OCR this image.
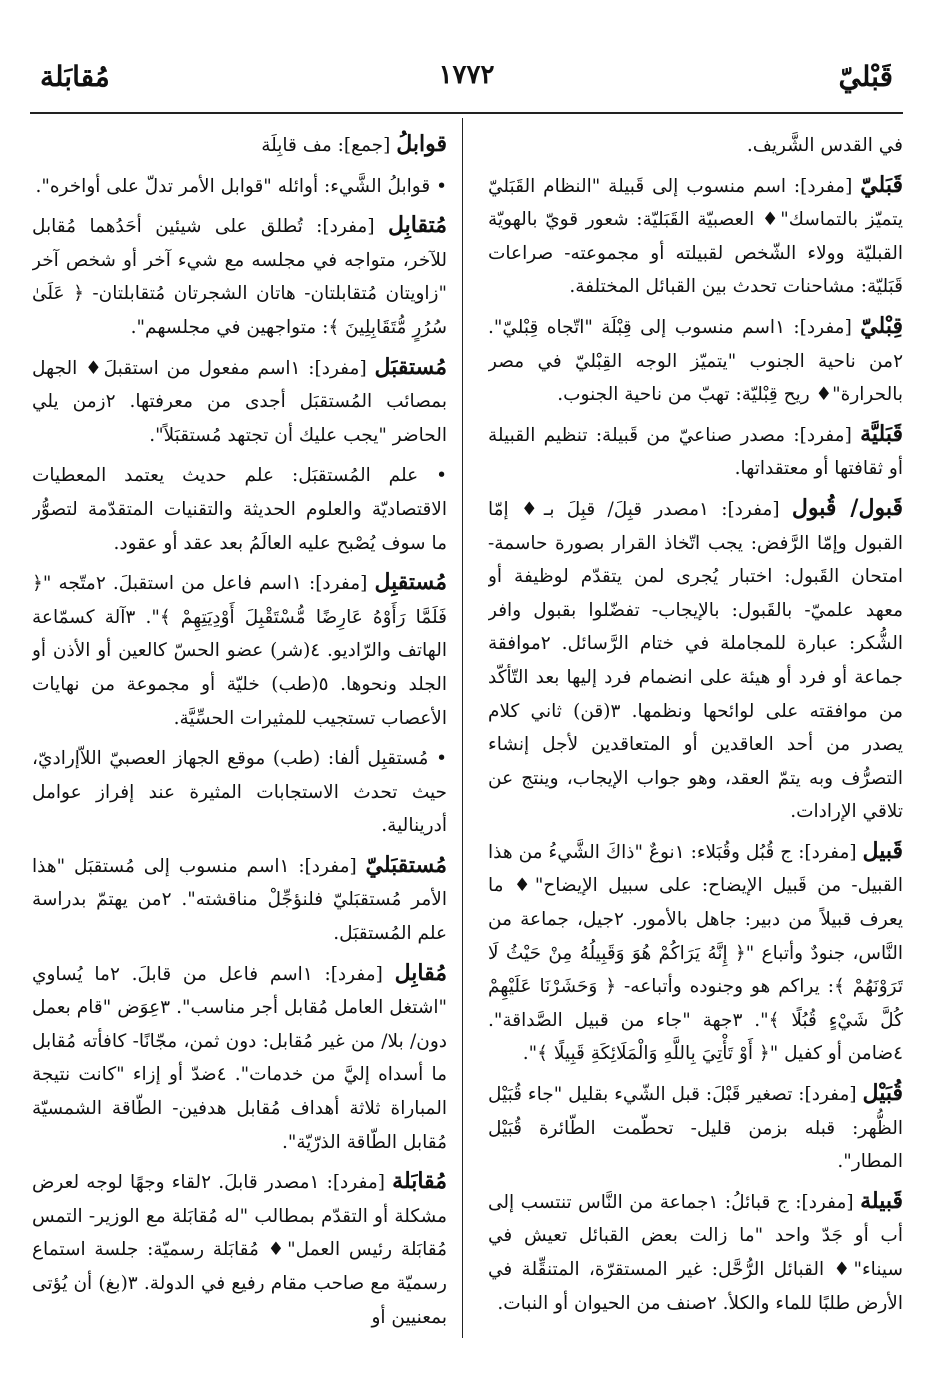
قَبْليّ
١٧٧٢
مُقابَلة

في القدس الشَّريف.

قَبَليّ [مفرد]: اسم منسوب إلى قَبيلة "النظام القَبَليّ يتميّز بالتماسك"♦ العصبيّة القَبَليّة: شعور قويّ بالهويّة القبليّة وولاء الشّخص لقبيلته أو مجموعته- صراعات قَبَليّة: مشاحنات تحدث بين القبائل المختلفة.

قِبْليّ [مفرد]: ١اسم منسوب إلى قِبْلَة "اتّجاه قِبْليّ". ٢من ناحية الجنوب "يتميّز الوجه القِبْليّ في مصر بالحرارة"♦ ريح قِبْليّة: تهبّ من ناحية الجنوب.

قَبَليَّة [مفرد]: مصدر صناعيّ من قَبيلة: تنظيم القبيلة أو ثقافتها أو معتقداتها.

قَبول/ قُبول [مفرد]: ١مصدر قبِلَ/ قبِلَ بـ♦ إمّا القبول وإمّا الرَّفض: يجب اتّخاذ القرار بصورة حاسمة- امتحان القَبول: اختبار يُجرى لمن يتقدّم لوظيفة أو معهد علميّ- بالقَبول: بالإيجاب- تفضّلوا بقبول وافر الشُّكر: عبارة للمجاملة في ختام الرَّسائل. ٢موافقة جماعة أو فرد أو هيئة على انضمام فرد إليها بعد التّأكّد من موافقته على لوائحها ونظمها. ٣(قن) ثاني كلام يصدر من أحد العاقدين أو المتعاقدين لأجل إنشاء التصرُّف وبه يتمّ العقد، وهو جواب الإيجاب، وينتج عن تلاقي الإرادات.

قَبيل [مفرد]: ج قُبُل وقُبَلاء: ١نوعٌ "ذاكَ الشَّيءُ من هذا القبيل- من قَبيل الإيضاح: على سبيل الإيضاح"♦ ما يعرف قبيلاً من دبير: جاهل بالأمور. ٢جيل، جماعة من النَّاس، جنودٌ وأتباع "﴿ إِنَّهُ يَرَاكُمْ هُوَ وَقَبِيلُهُ مِنْ حَيْثُ لَا تَرَوْنَهُمْ ﴾: يراكم هو وجنوده وأتباعه- ﴿ وَحَشَرْنَا عَلَيْهِمْ كُلَّ شَيْءٍ قُبُلًا ﴾". ٣جهة "جاء من قبيل الصَّداقة". ٤ضامن أو كفيل "﴿ أَوْ تَأْتِيَ بِاللَّهِ وَالْمَلَائِكَةِ قَبِيلًا ﴾".

قُبَيْل [مفرد]: تصغير قَبْلَ: قبل الشّيء بقليل "جاء قُبَيْل الظُّهر: قبله بزمن قليل- تحطّمت الطّائرة قُبَيْل المطار".

قَبيلة [مفرد]: ج قبائلُ: ١جماعة من النَّاس تنتسب إلى أب أو جَدّ واحد "ما زالت بعض القبائل تعيش في سيناء"♦ القبائل الرُّحَّل: غير المستقرّة، المتنقِّلة في الأرض طلبًا للماء والكلأ. ٢صنف من الحيوان أو النبات.

قوابلُ [جمع]: مف قابِلَة

• قوابلُ الشَّيء: أوائله "قوابل الأمر تدلّ على أواخره".

مُتقابِل [مفرد]: تُطلق على شيئين أحَدُهما مُقابل للآخر، متواجه في مجلسه مع شيء آخر أو شخص آخر "زاويتان مُتقابلتان- هاتان الشجرتان مُتقابلتان- ﴿ عَلَىٰ سُرُرٍ مُّتَقَابِلِينَ ﴾: متواجهين في مجلسهم".

مُستقبَل [مفرد]: ١اسم مفعول من استقبلَ♦ الجهل بمصائب المُستقبَل أجدى من معرفتها. ٢زمن يلي الحاضر "يجب عليك أن تجتهد مُستقبَلاً".

• علم المُستقبَل: علم حديث يعتمد المعطيات الاقتصاديّة والعلوم الحديثة والتقنيات المتقدّمة لتصوُّر ما سوف يُصْبح عليه العالَمُ بعد عقد أو عقود.

مُستقبِل [مفرد]: ١اسم فاعل من استقبلَ. ٢متّجه "﴿ فَلَمَّا رَأَوْهُ عَارِضًا مُّسْتَقْبِلَ أَوْدِيَتِهِمْ ﴾". ٣آلة كسمّاعة الهاتف والرّاديو. ٤(شر) عضو الحسّ كالعين أو الأذن أو الجلد ونحوها. ٥(طب) خليّة أو مجموعة من نهايات الأعصاب تستجيب للمثيرات الحسِّيَّة.

• مُستقبِل ألفا: (طب) موقع الجهاز العصبيّ اللاّإراديّ، حيث تحدث الاستجابات المثيرة عند إفراز عوامل أدرينالية.

مُستقبَليّ [مفرد]: ١اسم منسوب إلى مُستقبَل "هذا الأمر مُستقبَليّ فلنؤجِّلْ مناقشته". ٢من يهتمّ بدراسة علم المُستقبَل.

مُقابِل [مفرد]: ١اسم فاعل من قابلَ. ٢ما يُساوي "اشتغل العامل مُقابل أجر مناسب". ٣عِوَض "قام بعمل دون/ بلا/ من غير مُقابل: دون ثمن، مجّانًا- كافأته مُقابل ما أسداه إليَّ من خدمات". ٤ضدّ أو إزاء "كانت نتيجة المباراة ثلاثة أهداف مُقابل هدفين- الطّاقة الشمسيّة مُقابل الطّاقة الذرّيّة".

مُقابَلة [مفرد]: ١مصدر قابلَ. ٢لقاء وجهًا لوجه لعرض مشكلة أو التقدّم بمطالب "له مُقابَلة مع الوزير- التمس مُقابَلة رئيس العمل"♦ مُقابَلة رسميّة: جلسة استماع رسميّة مع صاحب مقام رفيع في الدولة. ٣(بغ) أن يُؤتى بمعنيين أو
